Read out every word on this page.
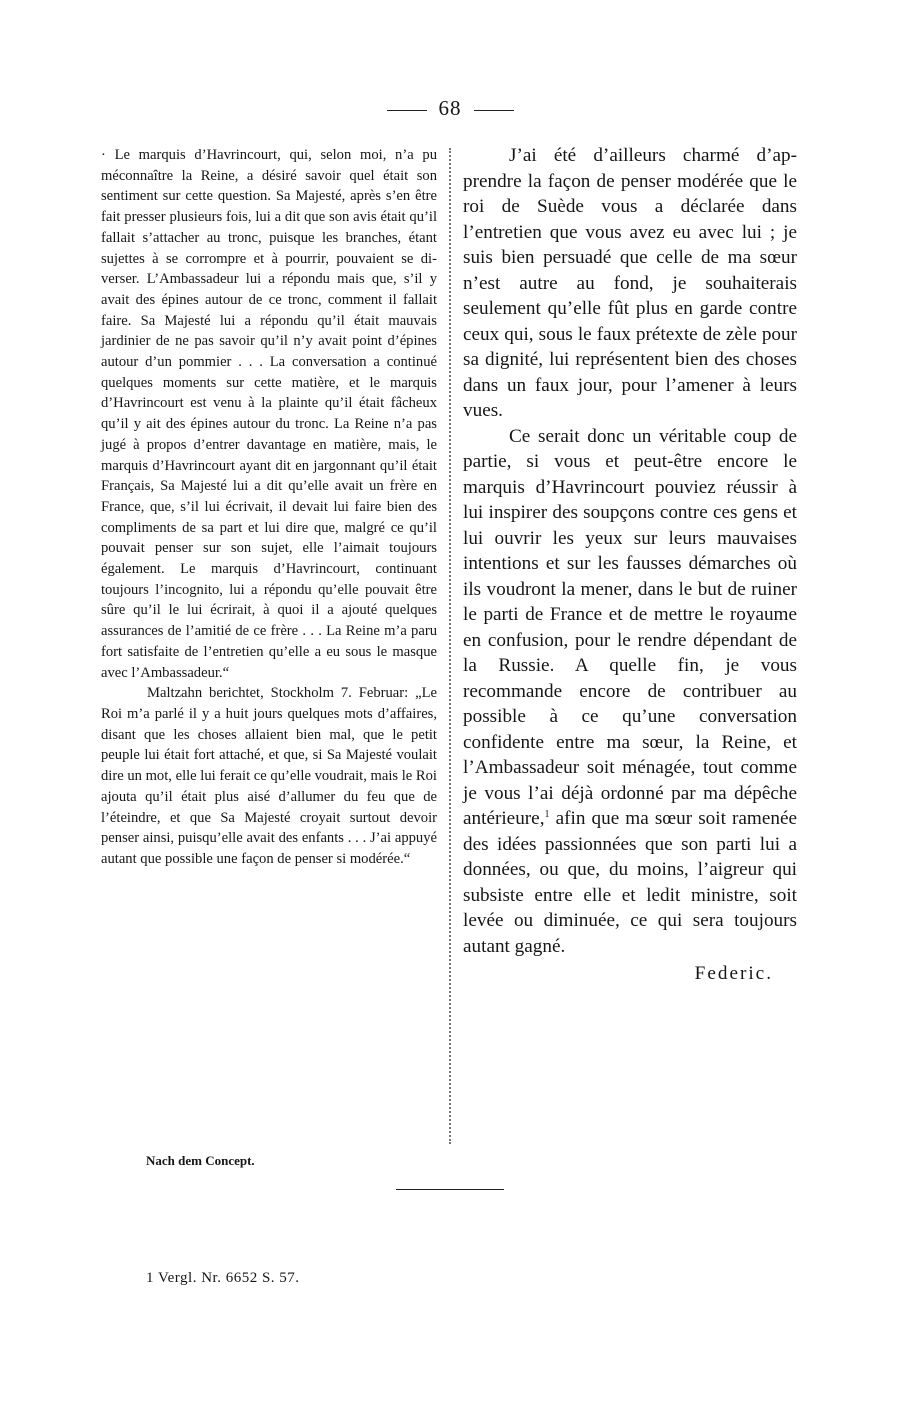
68

· Le marquis d’Havrincourt, qui, selon moi, n’a pu méconnaître la Reine, a désiré savoir quel était son sentiment sur cette question. Sa Majesté, après s’en être fait presser plusieurs fois, lui a dit que son avis était qu’il fallait s’attacher au tronc, puisque les branches, étant sujettes à se corrompre et à pourrir, pouvaient se diverser. L’Ambassadeur lui a répondu mais que, s’il y avait des épines autour de ce tronc, comment il fallait faire. Sa Majesté lui a répondu qu’il était mauvais jardinier de ne pas savoir qu’il n’y avait point d’épines autour d’un pommier . . . La conversation a continué quelques moments sur cette matière, et le marquis d’Havrincourt est venu à la plainte qu’il était fâcheux qu’il y ait des épines autour du tronc. La Reine n’a pas jugé à propos d’entrer davantage en matière, mais, le marquis d’Havrincourt ayant dit en jargonnant qu’il était Français, Sa Majesté lui a dit qu’elle avait un frère en France, que, s’il lui écrivait, il devait lui faire bien des compliments de sa part et lui dire que, malgré ce qu’il pouvait penser sur son sujet, elle l’aimait toujours également. Le marquis d’Havrincourt, continuant toujours l’incognito, lui a répondu qu’elle pouvait être sûre qu’il le lui écrirait, à quoi il a ajouté quelques assurances de l’amitié de ce frère . . . La Reine m’a paru fort satisfaite de l’entretien qu’elle a eu sous le masque avec l’Ambassadeur.“

Maltzahn berichtet, Stockholm 7. Februar: „Le Roi m’a parlé il y a huit jours quelques mots d’affaires, disant que les choses allaient bien mal, que le petit peuple lui était fort attaché, et que, si Sa Majesté voulait dire un mot, elle lui ferait ce qu’elle voudrait, mais le Roi ajouta qu’il était plus aisé d’allumer du feu que de l’éteindre, et que Sa Majesté croyait surtout devoir penser ainsi, puisqu’elle avait des enfants . . . J’ai appuyé autant que possible une façon de penser si modérée.“

J’ai été d’ailleurs charmé d’apprendre la façon de penser modérée que le roi de Suède vous a déclarée dans l’entretien que vous avez eu avec lui ; je suis bien persuadé que celle de ma sœur n’est autre au fond, je souhaiterais seulement qu’elle fût plus en garde contre ceux qui, sous le faux prétexte de zèle pour sa dignité, lui représentent bien des choses dans un faux jour, pour l’amener à leurs vues.

Ce serait donc un véritable coup de partie, si vous et peut-être encore le marquis d’Havrincourt pouviez réussir à lui inspirer des soupçons contre ces gens et lui ouvrir les yeux sur leurs mauvaises intentions et sur les fausses démarches où ils voudront la mener, dans le but de ruiner le parti de France et de mettre le royaume en confusion, pour le rendre dépendant de la Russie. A quelle fin, je vous recommande encore de contribuer au possible à ce qu’une conversation confidente entre ma sœur, la Reine, et l’Ambassadeur soit ménagée, tout comme je vous l’ai déjà ordonné par ma dépêche antérieure,$^1$ afin que ma sœur soit ramenée des idées passionnées que son parti lui a données, ou que, du moins, l’aigreur qui subsiste entre elle et ledit ministre, soit levée ou diminuée, ce qui sera toujours autant gagné.

Federic.
Nach dem Concept.
1 Vergl. Nr. 6652 S. 57.
